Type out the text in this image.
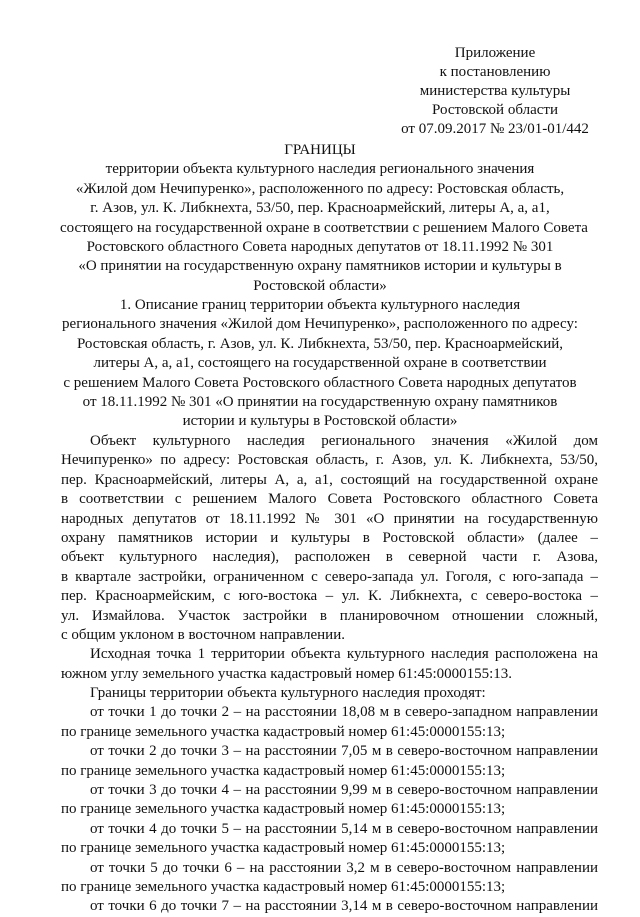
Приложение
к постановлению
министерства культуры
Ростовской области
от 07.09.2017 № 23/01-01/442
ГРАНИЦЫ
территории объекта культурного наследия регионального значения
«Жилой дом Нечипуренко», расположенного по адресу: Ростовская область,
г. Азов, ул. К. Либкнехта, 53/50, пер. Красноармейский, литеры А, а, а1,
состоящего на государственной охране в соответствии с решением Малого Совета
Ростовского областного Совета народных депутатов от 18.11.1992 № 301
«О принятии на государственную охрану памятников истории и культуры в
Ростовской области»
1. Описание границ территории объекта культурного наследия
регионального значения «Жилой дом Нечипуренко», расположенного по адресу:
Ростовская область, г. Азов, ул. К. Либкнехта, 53/50, пер. Красноармейский,
литеры А, а, а1, состоящего на государственной охране в соответствии
с решением Малого Совета Ростовского областного Совета народных депутатов
от 18.11.1992 № 301 «О принятии на государственную охрану памятников
истории и культуры в Ростовской области»
Объект культурного наследия регионального значения «Жилой дом
Нечипуренко» по адресу: Ростовская область, г. Азов, ул. К. Либкнехта, 53/50,
пер. Красноармейский, литеры А, а, а1, состоящий на государственной охране
в соответствии с решением Малого Совета Ростовского областного Совета
народных депутатов от 18.11.1992 № 301 «О принятии на государственную
охрану памятников истории и культуры в Ростовской области» (далее –
объект культурного наследия), расположен в северной части г. Азова,
в квартале застройки, ограниченном с северо-запада ул. Гоголя, с юго-запада –
пер. Красноармейским, с юго-востока – ул. К. Либкнехта, с северо-востока –
ул. Измайлова. Участок застройки в планировочном отношении сложный,
с общим уклоном в восточном направлении.
Исходная точка 1 территории объекта культурного наследия расположена на
южном углу земельного участка кадастровый номер 61:45:0000155:13.
Границы территории объекта культурного наследия проходят:
от точки 1 до точки 2 – на расстоянии 18,08 м в северо-западном направлении
по границе земельного участка кадастровый номер 61:45:0000155:13;
от точки 2 до точки 3 – на расстоянии 7,05 м в северо-восточном направлении
по границе земельного участка кадастровый номер 61:45:0000155:13;
от точки 3 до точки 4 – на расстоянии 9,99 м в северо-восточном направлении
по границе земельного участка кадастровый номер 61:45:0000155:13;
от точки 4 до точки 5 – на расстоянии 5,14 м в северо-восточном направлении
по границе земельного участка кадастровый номер 61:45:0000155:13;
от точки 5 до точки 6 – на расстоянии 3,2 м в северо-восточном направлении
по границе земельного участка кадастровый номер 61:45:0000155:13;
от точки 6 до точки 7 – на расстоянии 3,14 м в северо-восточном направлении
